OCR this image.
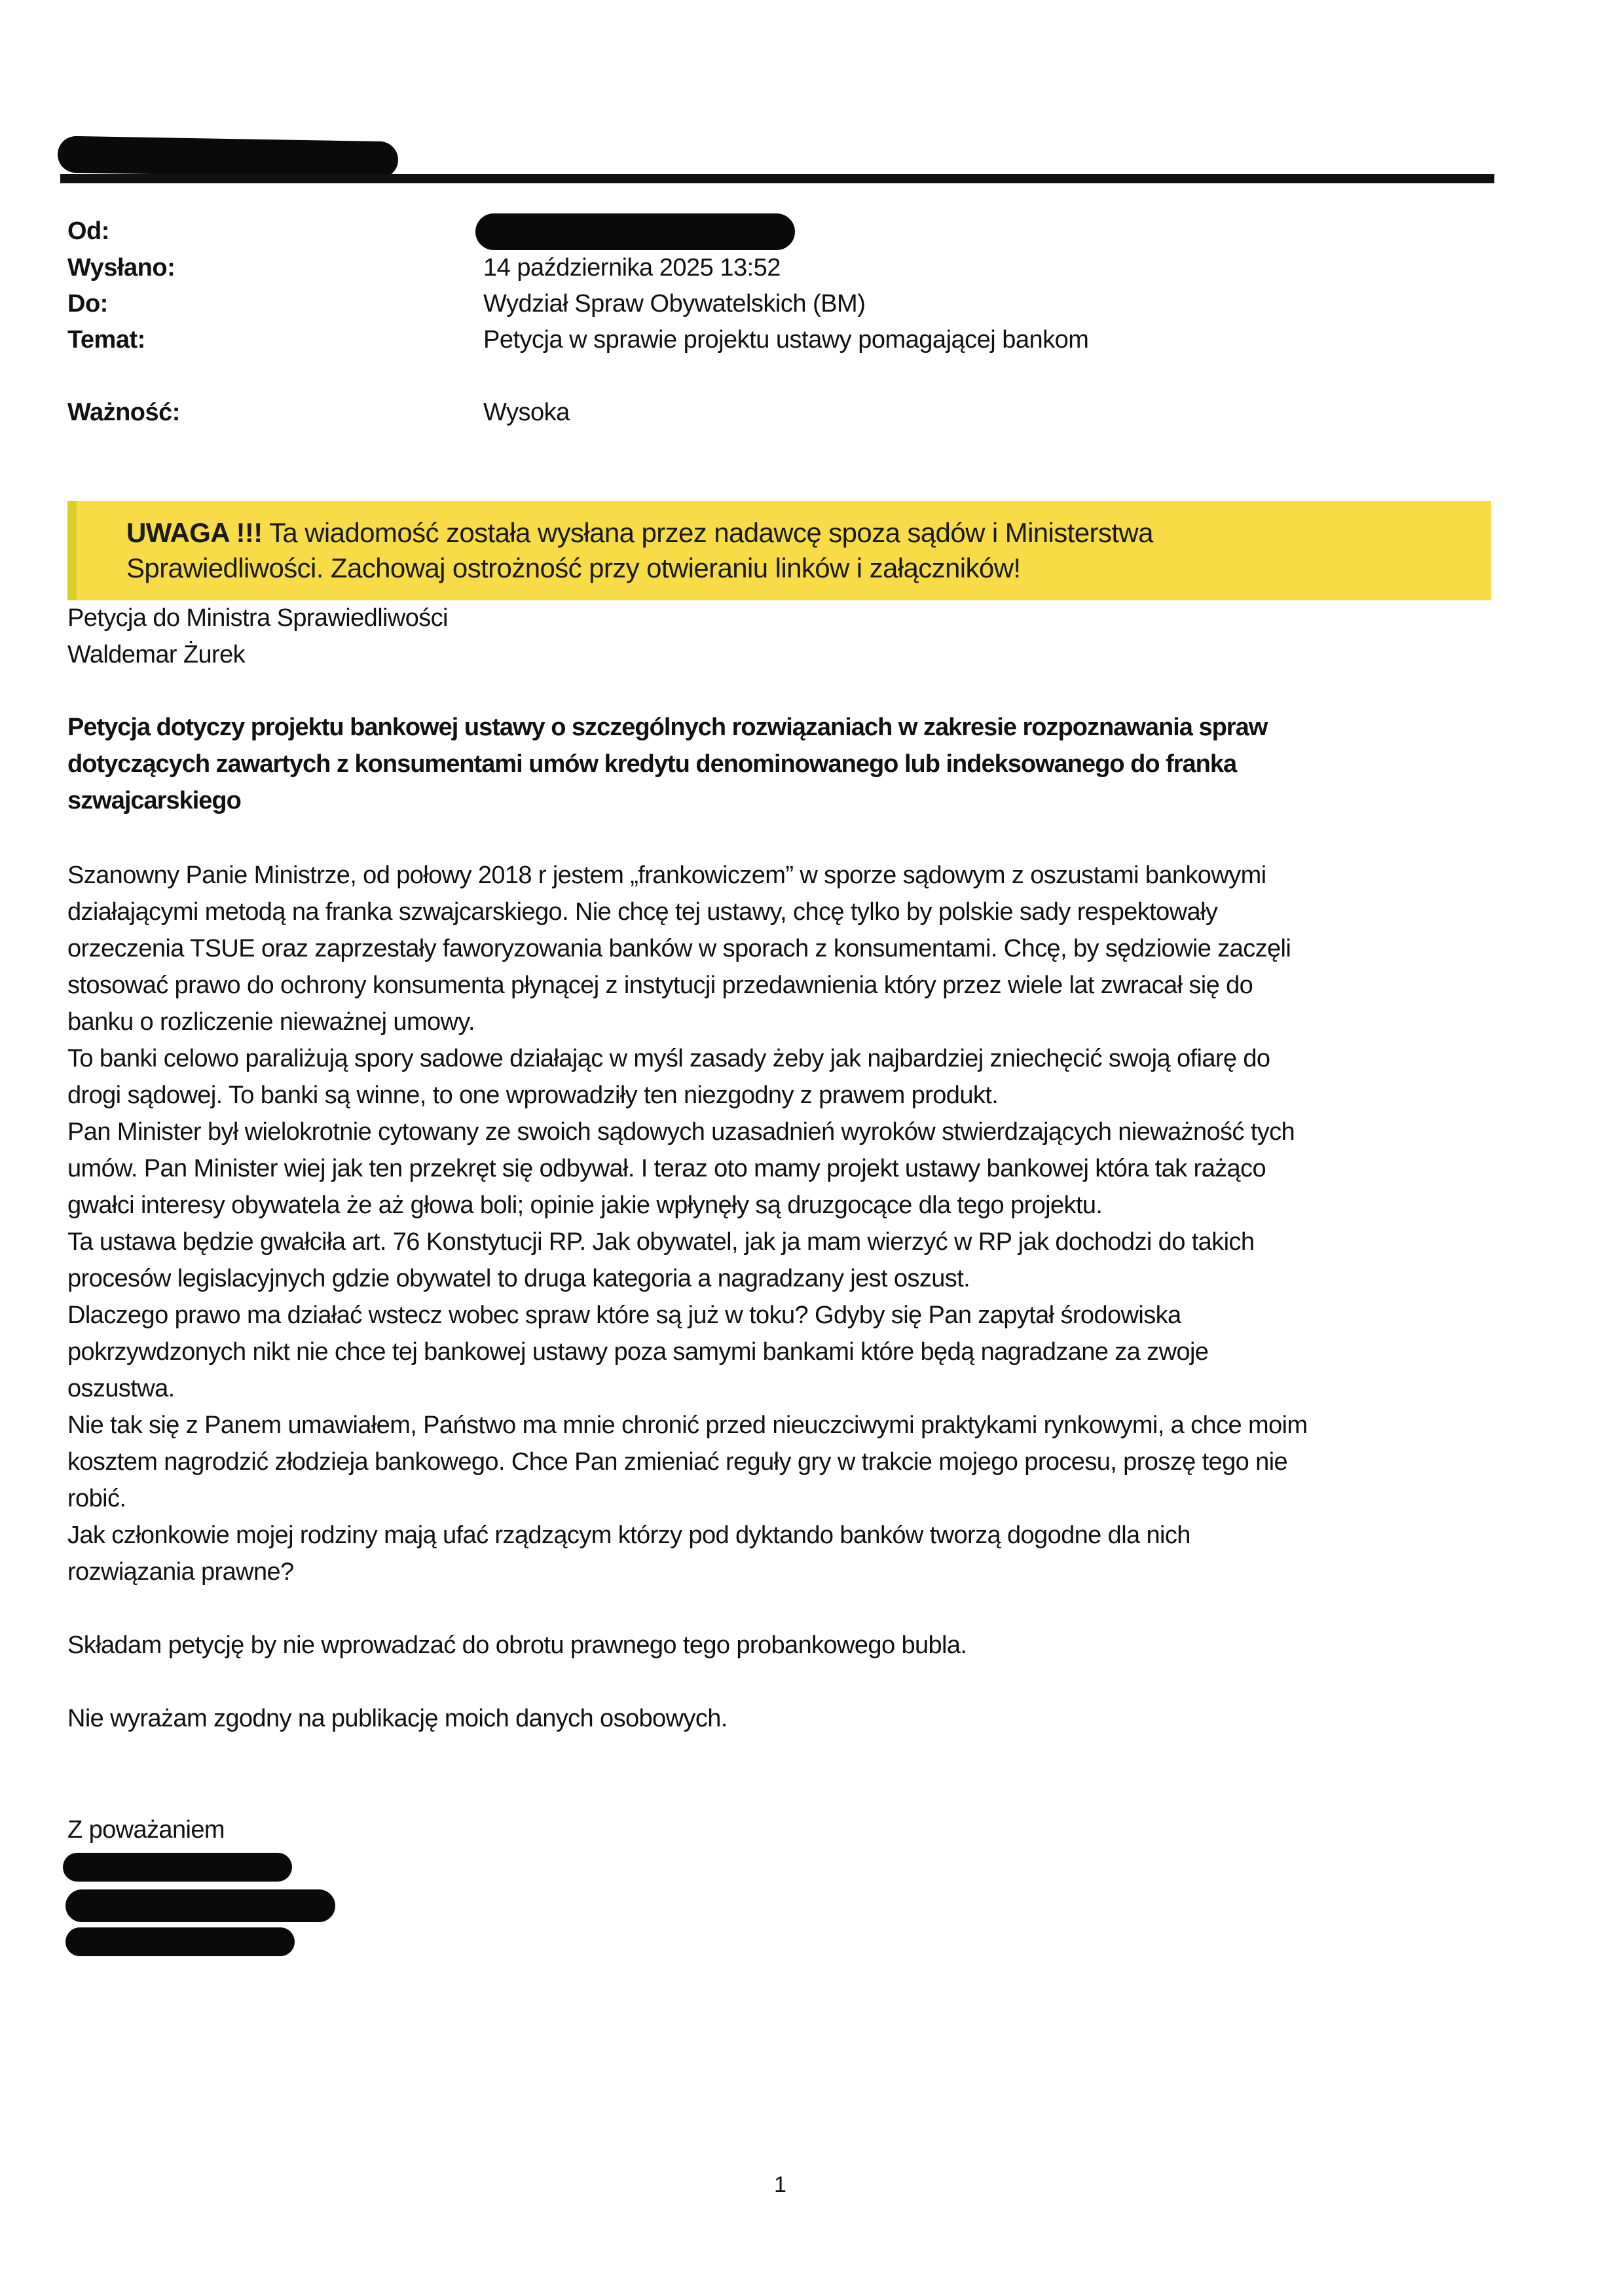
Od:
Wysłano:	14 października 2025 13:52
Do:	Wydział Spraw Obywatelskich (BM)
Temat:	Petycja w sprawie projektu ustawy pomagającej bankom
Ważność:	Wysoka
UWAGA !!! Ta wiadomość została wysłana przez nadawcę spoza sądów i Ministerstwa
Sprawiedliwości. Zachowaj ostrożność przy otwieraniu linków i załączników!
Petycja do Ministra Sprawiedliwości
Waldemar Żurek
Petycja dotyczy projektu bankowej ustawy o szczególnych rozwiązaniach w zakresie rozpoznawania spraw
dotyczących zawartych z konsumentami umów kredytu denominowanego lub indeksowanego do franka
szwajcarskiego
Szanowny Panie Ministrze, od połowy 2018 r jestem „frankowiczem” w sporze sądowym z oszustami bankowymi
działającymi metodą na franka szwajcarskiego. Nie chcę tej ustawy, chcę tylko by polskie sady respektowały
orzeczenia TSUE oraz zaprzestały faworyzowania banków w sporach z konsumentami. Chcę, by sędziowie zaczęli
stosować prawo do ochrony konsumenta płynącej z instytucji przedawnienia który przez wiele lat zwracał się do
banku o rozliczenie nieważnej umowy.
To banki celowo paraliżują spory sadowe działając w myśl zasady żeby jak najbardziej zniechęcić swoją ofiarę do
drogi sądowej. To banki są winne, to one wprowadziły ten niezgodny z prawem produkt.
Pan Minister był wielokrotnie cytowany ze swoich sądowych uzasadnień wyroków stwierdzających nieważność tych
umów. Pan Minister wiej jak ten przekręt się odbywał. I teraz oto mamy projekt ustawy bankowej która tak rażąco
gwałci interesy obywatela że aż głowa boli; opinie jakie wpłynęły są druzgocące dla tego projektu.
Ta ustawa będzie gwałciła art. 76 Konstytucji RP. Jak obywatel, jak ja mam wierzyć w RP jak dochodzi do takich
procesów legislacyjnych gdzie obywatel to druga kategoria a nagradzany jest oszust.
Dlaczego prawo ma działać wstecz wobec spraw które są już w toku? Gdyby się Pan zapytał środowiska
pokrzywdzonych nikt nie chce tej bankowej ustawy poza samymi bankami które będą nagradzane za zwoje
oszustwa.
Nie tak się z Panem umawiałem, Państwo ma mnie chronić przed nieuczciwymi praktykami rynkowymi, a chce moim
kosztem nagrodzić złodzieja bankowego. Chce Pan zmieniać reguły gry w trakcie mojego procesu, proszę tego nie
robić.
Jak członkowie mojej rodziny mają ufać rządzącym którzy pod dyktando banków tworzą dogodne dla nich
rozwiązania prawne?
Składam petycję by nie wprowadzać do obrotu prawnego tego probankowego bubla.
Nie wyrażam zgodny na publikację moich danych osobowych.
Z poważaniem
1
